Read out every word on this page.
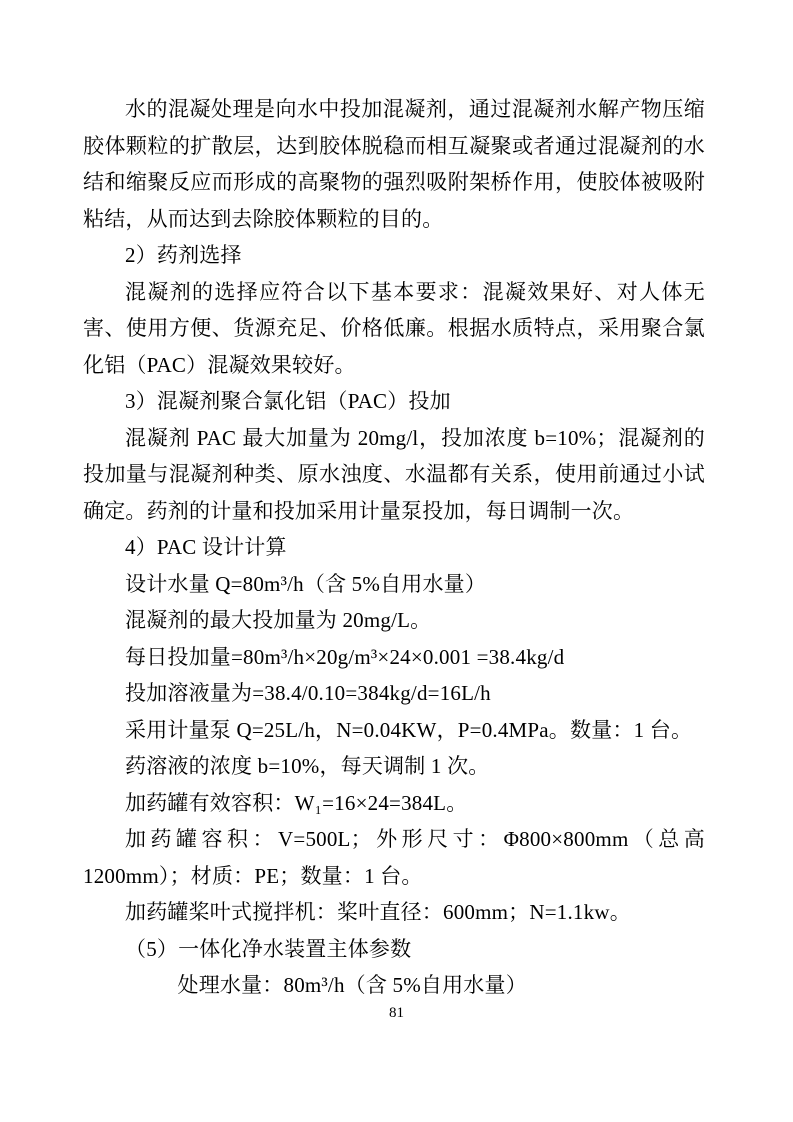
水的混凝处理是向水中投加混凝剂，通过混凝剂水解产物压缩胶体颗粒的扩散层，达到胶体脱稳而相互凝聚或者通过混凝剂的水结和缩聚反应而形成的高聚物的强烈吸附架桥作用，使胶体被吸附粘结，从而达到去除胶体颗粒的目的。

2）药剂选择

混凝剂的选择应符合以下基本要求：混凝效果好、对人体无害、使用方便、货源充足、价格低廉。根据水质特点，采用聚合氯化铝（PAC）混凝效果较好。

3）混凝剂聚合氯化铝（PAC）投加

混凝剂 PAC 最大加量为 20mg/l，投加浓度 b=10%；混凝剂的投加量与混凝剂种类、原水浊度、水温都有关系，使用前通过小试确定。药剂的计量和投加采用计量泵投加，每日调制一次。

4）PAC 设计计算

设计水量 Q=80m³/h（含 5%自用水量）

混凝剂的最大投加量为 20mg/L。

每日投加量=80m³/h×20g/m³×24×0.001 =38.4kg/d

投加溶液量为=38.4/0.10=384kg/d=16L/h

采用计量泵 Q=25L/h，N=0.04KW，P=0.4MPa。数量：1 台。

药溶液的浓度 b=10%，每天调制 1 次。

加药罐有效容积：W₁=16×24=384L。

加药罐容积：V=500L；外形尺寸：Φ800×800mm（总高 1200mm）；材质：PE；数量：1 台。

加药罐桨叶式搅拌机：桨叶直径：600mm；N=1.1kw。

（5）一体化净水装置主体参数

处理水量：80m³/h（含 5%自用水量）

81
